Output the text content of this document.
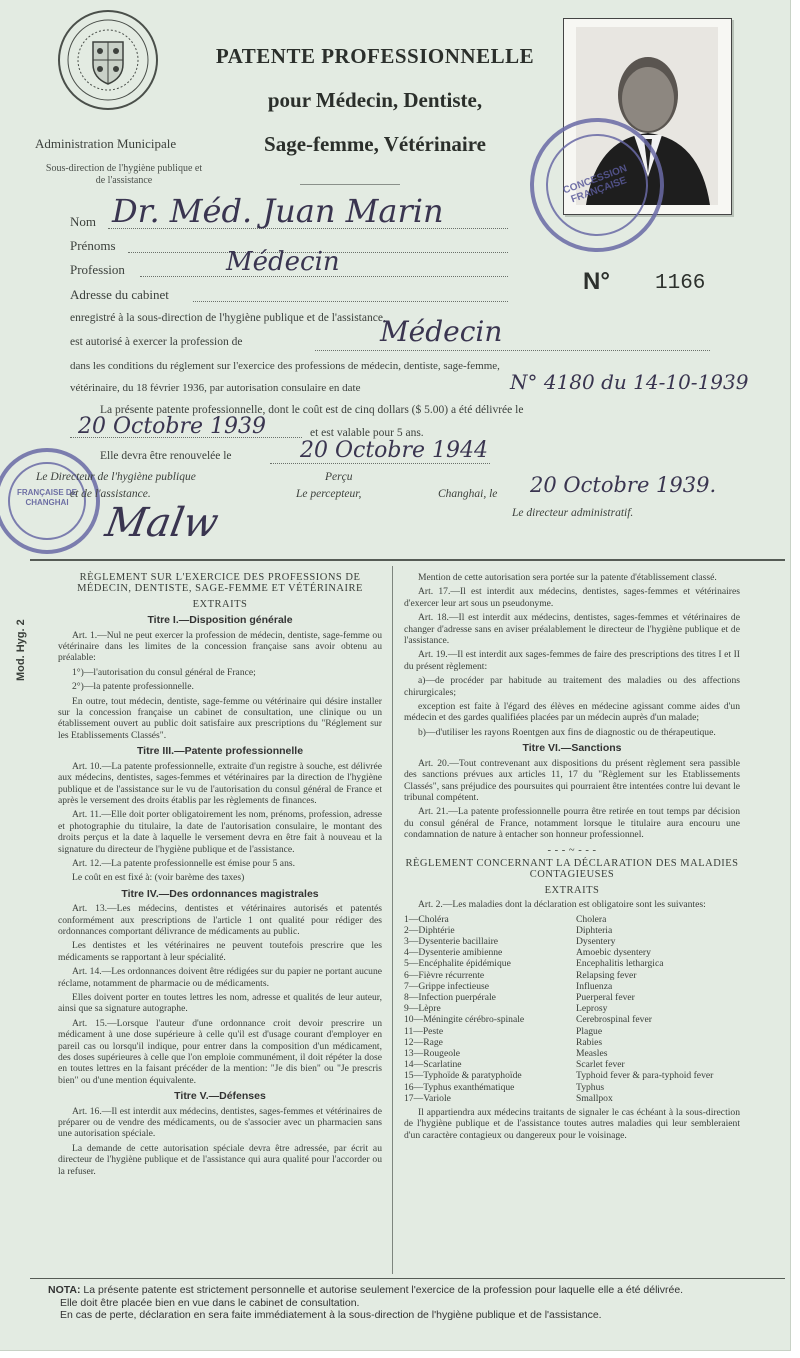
PATENTE PROFESSIONNELLE
pour Médecin, Dentiste,
Sage-femme, Vétérinaire
Administration Municipale
Sous-direction de l'hygiène publique et de l'assistance	CONCESSION FRANÇAISE
N° 1166
Nom Dr. Méd. Juan Marin
Prénoms
Profession	Médecin
Adresse du cabinet
enregistré à la sous-direction de l'hygiène publique et de l'assistance,
est autorisé à exercer la profession de	Médecin
dans les conditions du réglement sur l'exercice des professions de médecin, dentiste, sage-femme,
vétérinaire, du 18 février 1936, par autorisation consulaire en date	N° 4180 du 14-10-1939
La présente patente professionnelle, dont le coût est de cinq dollars ($ 5.00) a été délivrée le
20 Octobre 1939	et est valable pour 5 ans.
Elle devra être renouvelée le	20 Octobre 1944
FRANÇAISE DE CHANGHAI
Le Directeur de l'hygiène publique
et de l'assistance.
Perçu
Le percepteur,	Changhai, le 20 Octobre 1939.
Le directeur administratif.
Malw
Mod. Hyg. 2

RÈGLEMENT SUR L'EXERCICE DES PROFESSIONS DE MÉDECIN, DENTISTE, SAGE-FEMME ET VÉTÉRINAIRE

EXTRAITS

Titre I.—Disposition générale

Art. 1.—Nul ne peut exercer la profession de médecin, dentiste, sage-femme ou vétérinaire dans les limites de la concession française sans avoir obtenu au préalable:

1°)—l'autorisation du consul général de France;

2°)—la patente professionnelle.

En outre, tout médecin, dentiste, sage-femme ou vétérinaire qui désire installer sur la concession française un cabinet de consultation, une clinique ou un établissement ouvert au public doit satisfaire aux prescriptions du "Réglement sur les Etablissements Classés".

Titre III.—Patente professionnelle

Art. 10.—La patente professionnelle, extraite d'un registre à souche, est délivrée aux médecins, dentistes, sages-femmes et vétérinaires par la direction de l'hygiène publique et de l'assistance sur le vu de l'autorisation du consul général de France et après le versement des droits établis par les règlements de finances.

Art. 11.—Elle doit porter obligatoirement les nom, prénoms, profession, adresse et photographie du titulaire, la date de l'autorisation consulaire, le montant des droits perçus et la date à laquelle le versement devra en être fait à nouveau et la signature du directeur de l'hygiène publique et de l'assistance.

Art. 12.—La patente professionnelle est émise pour 5 ans.

Le coût en est fixé à: (voir barème des taxes)

Titre IV.—Des ordonnances magistrales

Art. 13.—Les médecins, dentistes et vétérinaires autorisés et patentés conformément aux prescriptions de l'article 1 ont qualité pour rédiger des ordonnances comportant délivrance de médicaments au public.

Les dentistes et les vétérinaires ne peuvent toutefois prescrire que les médicaments se rapportant à leur spécialité.

Art. 14.—Les ordonnances doivent être rédigées sur du papier ne portant aucune réclame, notamment de pharmacie ou de médicaments.

Elles doivent porter en toutes lettres les nom, adresse et qualités de leur auteur, ainsi que sa signature autographe.

Art. 15.—Lorsque l'auteur d'une ordonnance croit devoir prescrire un médicament à une dose supérieure à celle qu'il est d'usage courant d'employer en pareil cas ou lorsqu'il indique, pour entrer dans la composition d'un médicament, des doses supérieures à celle que l'on emploie communément, il doit répéter la dose en toutes lettres en la faisant précéder de la mention: "Je dis bien" ou "Je prescris bien" ou d'une mention équivalente.

Titre V.—Défenses

Art. 16.—Il est interdit aux médecins, dentistes, sages-femmes et vétérinaires de préparer ou de vendre des médicaments, ou de s'associer avec un pharmacien sans une autorisation spéciale.

La demande de cette autorisation spéciale devra être adressée, par écrit au directeur de l'hygiène publique et de l'assistance qui aura qualité pour l'accorder ou la refuser.

Mention de cette autorisation sera portée sur la patente d'établissement classé.

Art. 17.—Il est interdit aux médecins, dentistes, sages-femmes et vétérinaires d'exercer leur art sous un pseudonyme.

Art. 18.—Il est interdit aux médecins, dentistes, sages-femmes et vétérinaires de changer d'adresse sans en aviser préalablement le directeur de l'hygiène publique et de l'assistance.

Art. 19.—Il est interdit aux sages-femmes de faire des prescriptions des titres I et II du présent règlement:

a)—de procéder par habitude au traitement des maladies ou des affections chirurgicales;

exception est faite à l'égard des élèves en médecine agissant comme aides d'un médecin et des gardes qualifiées placées par un médecin auprès d'un malade;

b)—d'utiliser les rayons Roentgen aux fins de diagnostic ou de thérapeutique.

Titre VI.—Sanctions

Art. 20.—Tout contrevenant aux dispositions du présent règlement sera passible des sanctions prévues aux articles 11, 17 du "Règlement sur les Etablissements Classés", sans préjudice des poursuites qui pourraient être intentées contre lui devant le tribunal compétent.

Art. 21.—La patente professionnelle pourra être retirée en tout temps par décision du consul général de France, notamment lorsque le titulaire aura encouru une condamnation de nature à entacher son honneur professionnel.

- - - ~ - - -

RÈGLEMENT CONCERNANT LA DÉCLARATION DES MALADIES CONTAGIEUSES

EXTRAITS

Art. 2.—Les maladies dont la déclaration est obligatoire sont les suivantes:

1—Choléra	Cholera
2—Diphtérie	Diphteria
3—Dysenterie bacillaire	Dysentery
4—Dysenterie amibienne	Amoebic dysentery
5—Encéphalite épidémique	Encephalitis lethargica
6—Fièvre récurrente	Relapsing fever
7—Grippe infectieuse	Influenza
8—Infection puerpérale	Puerperal fever
9—Lèpre	Leprosy
10—Méningite cérébro-spinale	Cerebrospinal fever
11—Peste	Plague
12—Rage	Rabies
13—Rougeole	Measles
14—Scarlatine	Scarlet fever
15—Typhoïde & paratyphoïde	Typhoid fever & para-typhoid fever
16—Typhus exanthématique	Typhus
17—Variole	Smallpox

Il appartiendra aux médecins traitants de signaler le cas échéant à la sous-direction de l'hygiène publique et de l'assistance toutes autres maladies qui leur sembleraient d'un caractère contagieux ou dangereux pour le voisinage.

NOTA: La présente patente est strictement personnelle et autorise seulement l'exercice de la profession pour laquelle elle a été délivrée.
Elle doit être placée bien en vue dans le cabinet de consultation.
En cas de perte, déclaration en sera faite immédiatement à la sous-direction de l'hygiène publique et de l'assistance.
